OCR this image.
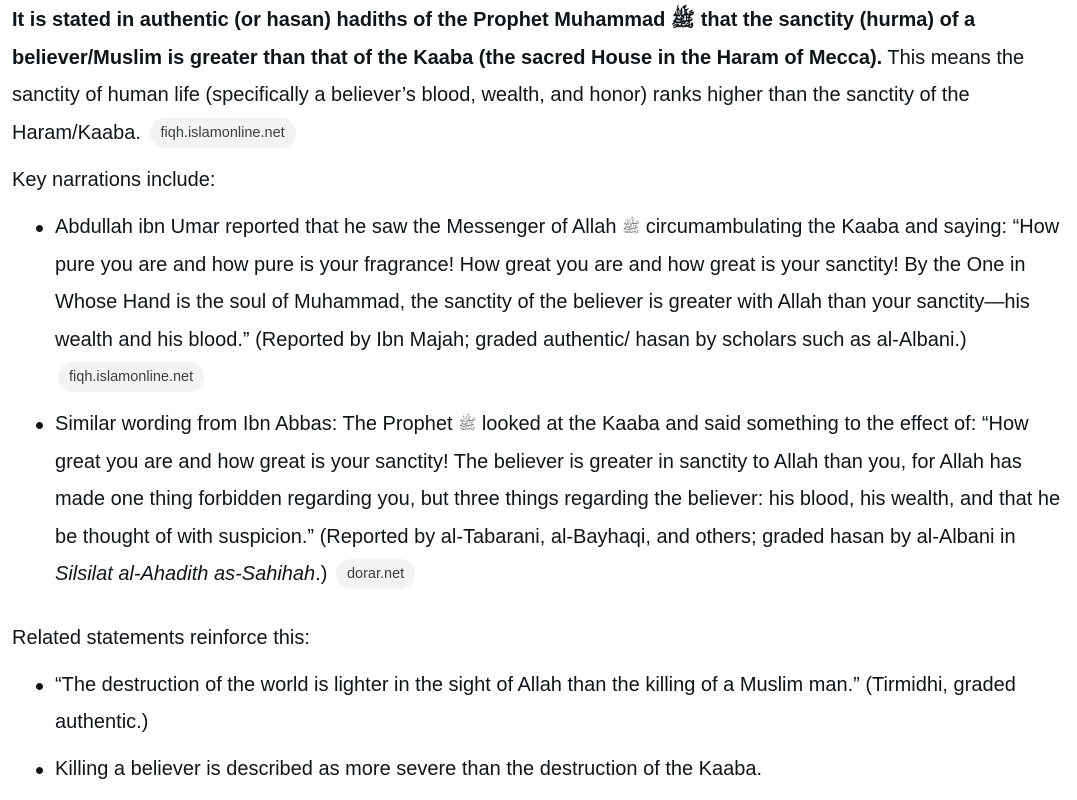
It is stated in authentic (or hasan) hadiths of the Prophet Muhammad ﷺ that the sanctity (hurma) of a believer/Muslim is greater than that of the Kaaba (the sacred House in the Haram of Mecca). This means the sanctity of human life (specifically a believer’s blood, wealth, and honor) ranks higher than the sanctity of the Haram/Kaaba. fiqh.islamonline.net

Key narrations include:

Abdullah ibn Umar reported that he saw the Messenger of Allah ﷺ circumambulating the Kaaba and saying: “How pure you are and how pure is your fragrance! How great you are and how great is your sanctity! By the One in Whose Hand is the soul of Muhammad, the sanctity of the believer is greater with Allah than your sanctity—his wealth and his blood.” (Reported by Ibn Majah; graded authentic/ hasan by scholars such as al-Albani.) fiqh.islamonline.net
Similar wording from Ibn Abbas: The Prophet ﷺ looked at the Kaaba and said something to the effect of: “How great you are and how great is your sanctity! The believer is greater in sanctity to Allah than you, for Allah has made one thing forbidden regarding you, but three things regarding the believer: his blood, his wealth, and that he be thought of with suspicion.” (Reported by al-Tabarani, al-Bayhaqi, and others; graded hasan by al-Albani in Silsilat al-Ahadith as-Sahihah.) dorar.net

Related statements reinforce this:

“The destruction of the world is lighter in the sight of Allah than the killing of a Muslim man.” (Tirmidhi, graded authentic.)
Killing a believer is described as more severe than the destruction of the Kaaba.
